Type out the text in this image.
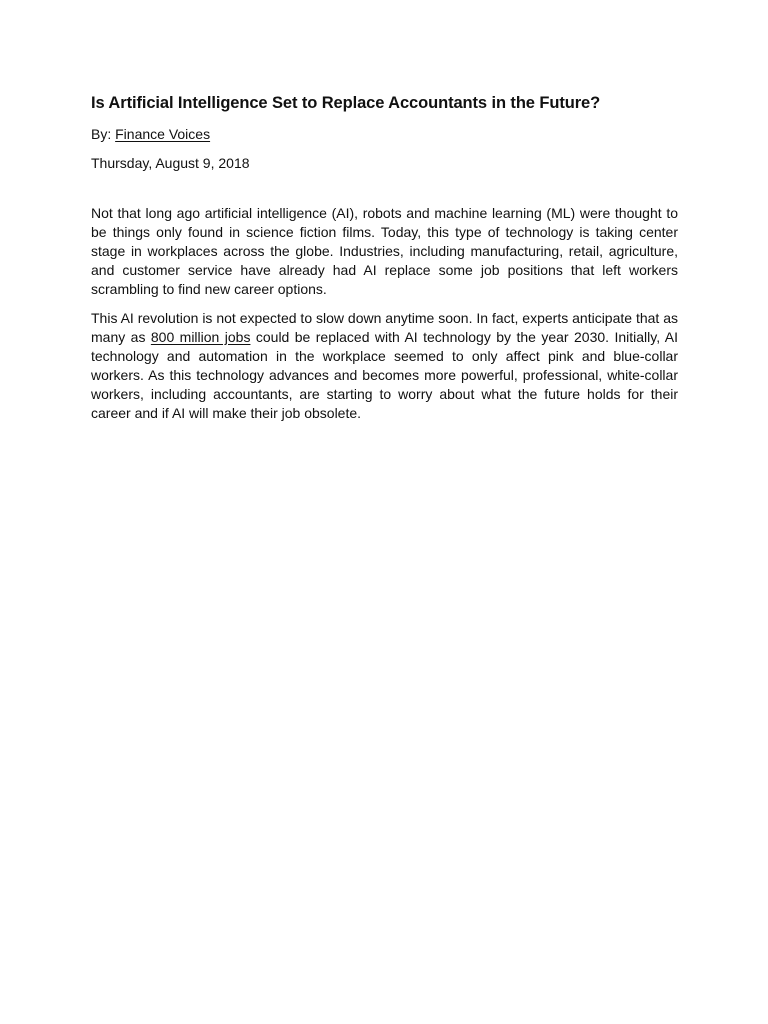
Is Artificial Intelligence Set to Replace Accountants in the Future?
By: Finance Voices
Thursday, August 9, 2018

Not that long ago artificial intelligence (AI), robots and machine learning (ML) were thought to be things only found in science fiction films. Today, this type of technology is taking center stage in workplaces across the globe. Industries, including manufacturing, retail, agriculture, and customer service have already had AI replace some job positions that left workers scrambling to find new career options.

This AI revolution is not expected to slow down anytime soon. In fact, experts anticipate that as many as 800 million jobs could be replaced with AI technology by the year 2030. Initially, AI technology and automation in the workplace seemed to only affect pink and blue-collar workers. As this technology advances and becomes more powerful, professional, white-collar workers, including accountants, are starting to worry about what the future holds for their career and if AI will make their job obsolete.
